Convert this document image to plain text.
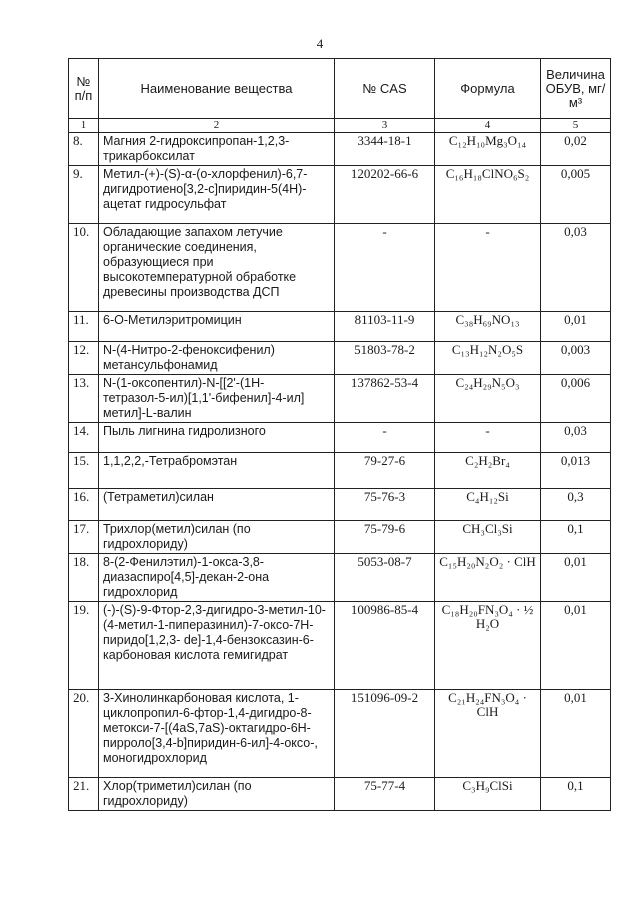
4
№ п/п	Наименование вещества	№ CAS	Формула	Величина ОБУВ, мг/м³
1	2	3	4	5
8.	Магния 2-гидроксипропан-1,2,3-трикарбоксилат	3344-18-1	C₁₂H₁₀Mg₃O₁₄	0,02
9.	Метил-(+)-(S)-α-(о-хлорфенил)-6,7-дигидротиено[3,2-c]пиридин-5(4H)-ацетат гидросульфат	120202-66-6	C₁₆H₁₈ClNO₆S₂	0,005
10.	Обладающие запахом летучие органические соединения, образующиеся при высокотемпературной обработке древесины производства ДСП	-	-	0,03
11.	6-O-Метилэритромицин	81103-11-9	C₃₈H₆₉NO₁₃	0,01
12.	N-(4-Нитро-2-феноксифенил) метансульфонамид	51803-78-2	C₁₃H₁₂N₂O₅S	0,003
13.	N-(1-оксопентил)-N-[[2'-(1H-тетразол-5-ил)[1,1'-бифенил]-4-ил] метил]-L-валин	137862-53-4	C₂₄H₂₉N₅O₃	0,006
14.	Пыль лигнина гидролизного	-	-	0,03
15.	1,1,2,2,-Тетрабромэтан	79-27-6	C₂H₂Br₄	0,013
16.	(Тетраметил)силан	75-76-3	C₄H₁₂Si	0,3
17.	Трихлор(метил)силан (по гидрохлориду)	75-79-6	CH₃Cl₃Si	0,1
18.	8-(2-Фенилэтил)-1-окса-3,8-диазаспиро[4,5]-декан-2-она гидрохлорид	5053-08-7	C₁₅H₂₀N₂O₂ · ClH	0,01
19.	(-)-(S)-9-Фтор-2,3-дигидро-3-метил-10-(4-метил-1-пиперазинил)-7-оксо-7H-пиридо[1,2,3- de]-1,4-бензоксазин-6-карбоновая кислота гемигидрат	100986-85-4	C₁₈H₂₀FN₃O₄ · ½ H₂O	0,01
20.	3-Хинолинкарбоновая кислота, 1-циклопропил-6-фтор-1,4-дигидро-8-метокси-7-[(4aS,7aS)-октагидро-6H-пирроло[3,4-b]пиридин-6-ил]-4-оксо-, моногидрохлорид	151096-09-2	C₂₁H₂₄FN₃O₄ · ClH	0,01
21.	Хлор(триметил)силан (по гидрохлориду)	75-77-4	C₃H₉ClSi	0,1
